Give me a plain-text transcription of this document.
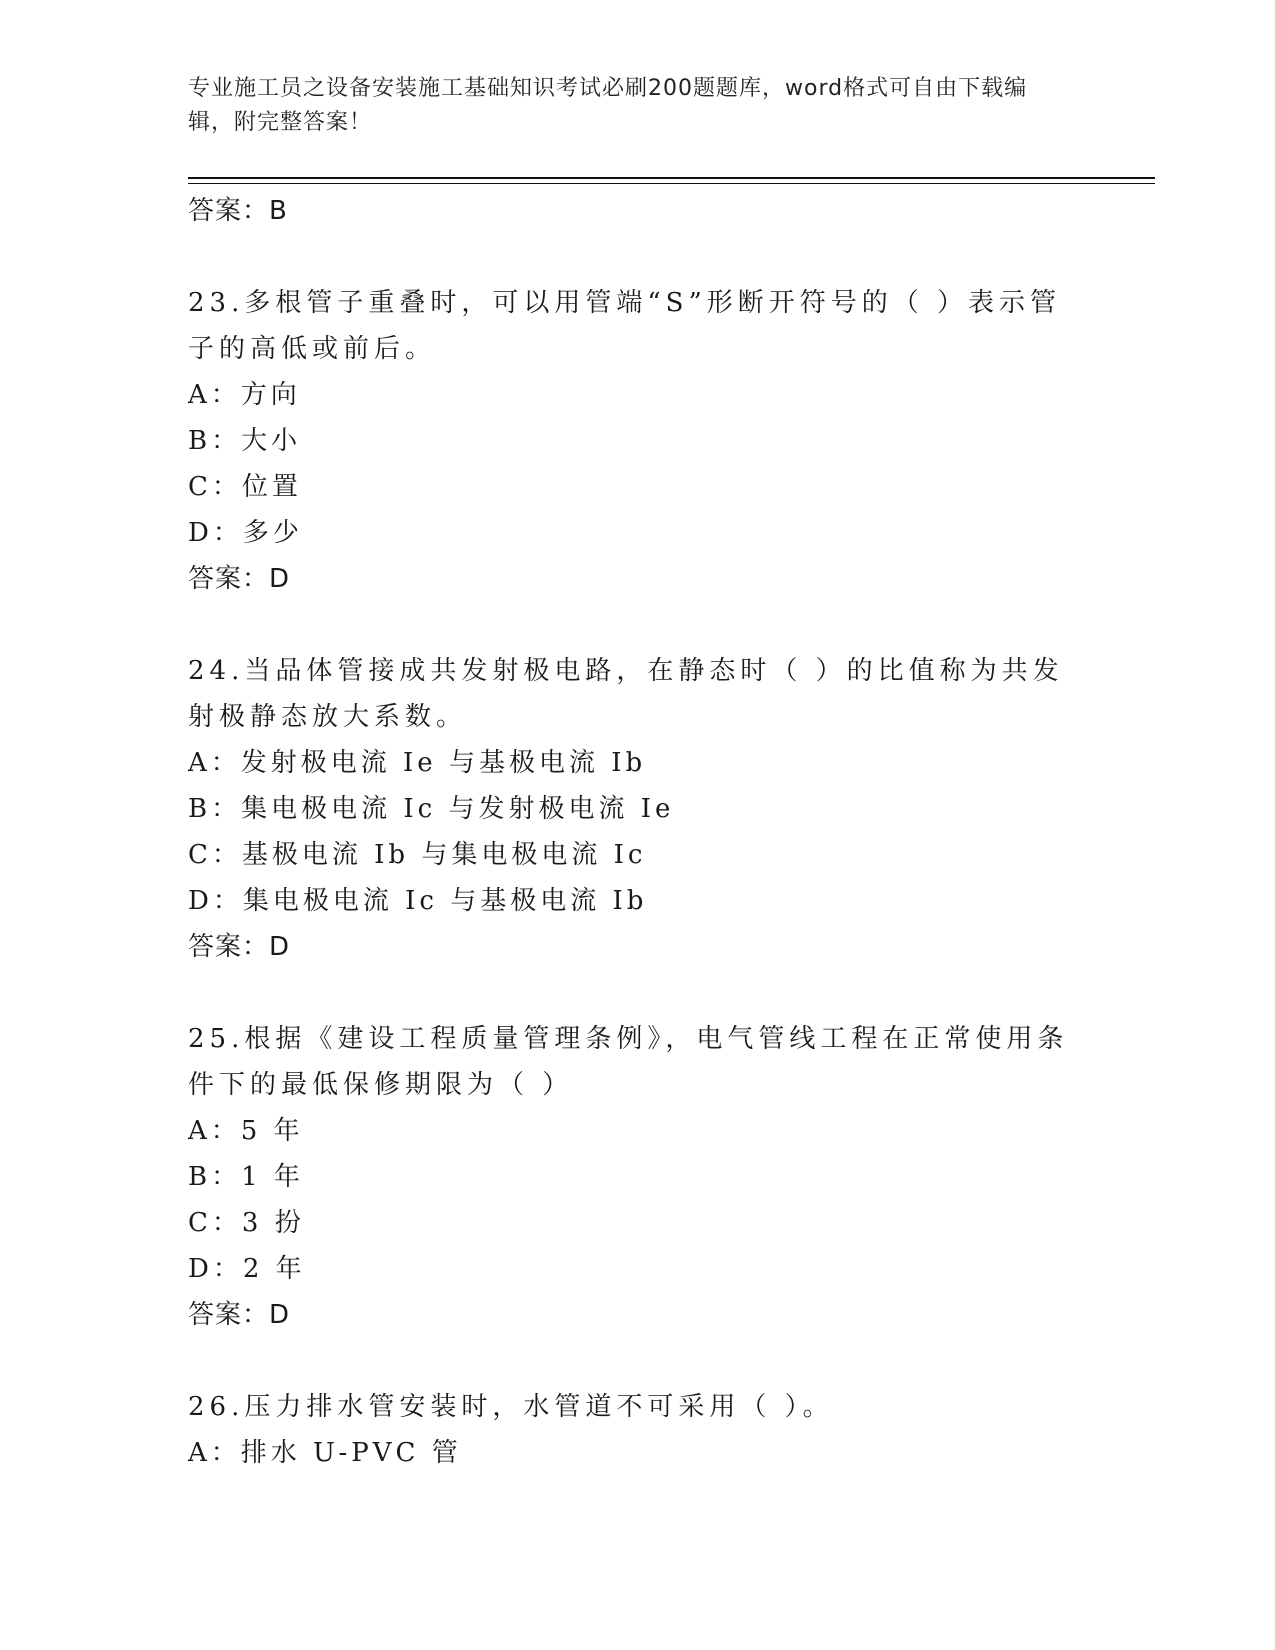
专业施工员之设备安装施工基础知识考试必刷200题题库，word格式可自由下载编辑，附完整答案！
答案：B
23.多根管子重叠时，可以用管端“S”形断开符号的（ ）表示管子的高低或前后。
A：方向
B：大小
C：位置
D：多少
答案：D
24.当品体管接成共发射极电路，在静态时（ ）的比值称为共发射极静态放大系数。
A：发射极电流 Ie 与基极电流 Ib
B：集电极电流 Ic 与发射极电流 Ie
C：基极电流 Ib 与集电极电流 Ic
D：集电极电流 Ic 与基极电流 Ib
答案：D
25.根据《建设工程质量管理条例》，电气管线工程在正常使用条件下的最低保修期限为（ ）
A：5 年
B：1 年
C：3 扮
D：2 年
答案：D
26.压力排水管安装时，水管道不可采用（ ）。
A：排水 U-PVC 管
